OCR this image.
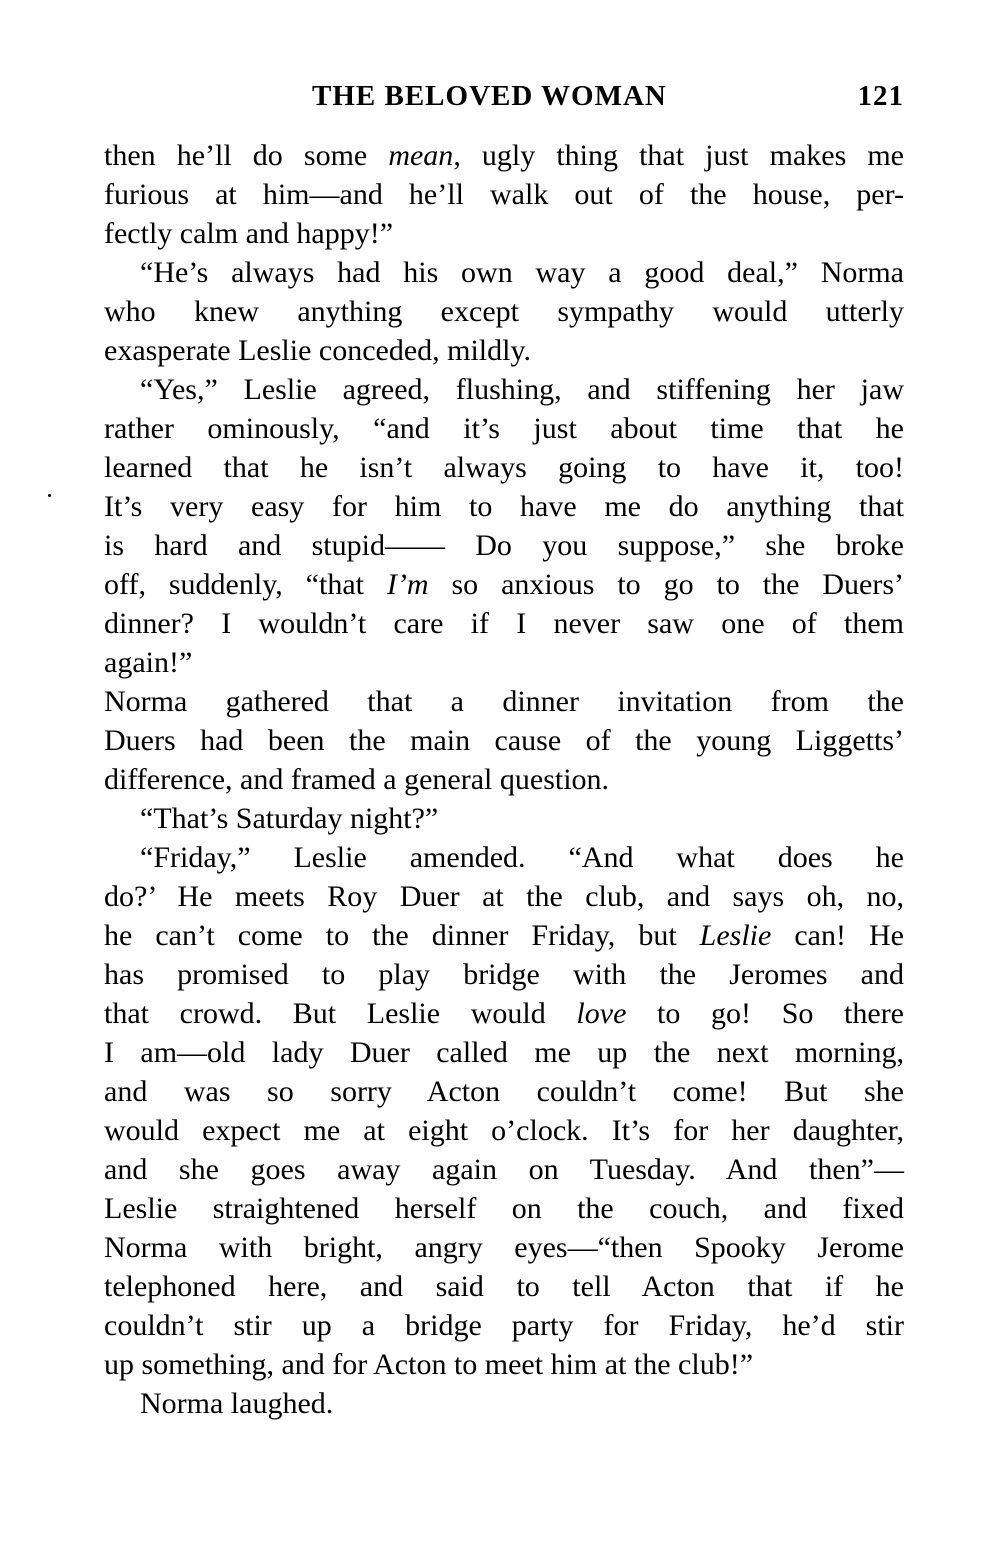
THE BELOVED WOMAN	121
then he’ll do some mean, ugly thing that just makes me
furious at him—and he’ll walk out of the house, per-
fectly calm and happy!”
“He’s always had his own way a good deal,” Norma
who knew anything except sympathy would utterly
exasperate Leslie conceded, mildly.
“Yes,” Leslie agreed, flushing, and stiffening her jaw
rather ominously, “and it’s just about time that he
learned that he isn’t always going to have it, too!
It’s very easy for him to have me do anything that
is hard and stupid—— Do you suppose,” she broke
off, suddenly, “that I’m so anxious to go to the Duers’
dinner? I wouldn’t care if I never saw one of them
again!”
Norma gathered that a dinner invitation from the
Duers had been the main cause of the young Liggetts’
difference, and framed a general question.
“That’s Saturday night?”
“Friday,” Leslie amended. “And what does he
do?’ He meets Roy Duer at the club, and says oh, no,
he can’t come to the dinner Friday, but Leslie can! He
has promised to play bridge with the Jeromes and
that crowd. But Leslie would love to go! So there
I am—old lady Duer called me up the next morning,
and was so sorry Acton couldn’t come! But she
would expect me at eight o’clock. It’s for her daughter,
and she goes away again on Tuesday. And then”—
Leslie straightened herself on the couch, and fixed
Norma with bright, angry eyes—“then Spooky Jerome
telephoned here, and said to tell Acton that if he
couldn’t stir up a bridge party for Friday, he’d stir
up something, and for Acton to meet him at the club!”
Norma laughed.
